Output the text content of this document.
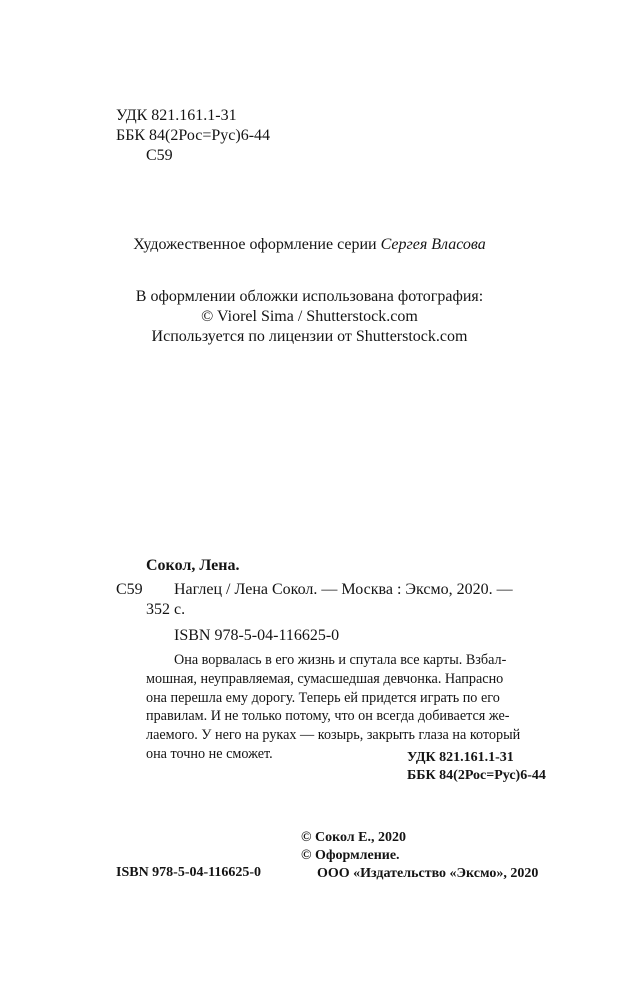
УДК 821.161.1-31
ББК 84(2Рос=Рус)6-44
С59
Художественное оформление серии Сергея Власова
В оформлении обложки использована фотография:
© Viorel Sima / Shutterstock.com
Используется по лицензии от Shutterstock.com
Сокол, Лена.
С59 Наглец / Лена Сокол. — Москва : Эксмо, 2020. —
352 с.
ISBN 978-5-04-116625-0
Она ворвалась в его жизнь и спутала все карты. Взбал-
мошная, неуправляемая, сумасшедшая девчонка. Напрасно
она перешла ему дорогу. Теперь ей придется играть по его
правилам. И не только потому, что он всегда добивается же-
лаемого. У него на руках — козырь, закрыть глаза на который
она точно не сможет.	УДК 821.161.1-31
ББК 84(2Рос=Рус)6-44
ISBN 978-5-04-116625-0
© Сокол Е., 2020
© Оформление.
ООО «Издательство «Эксмо», 2020
